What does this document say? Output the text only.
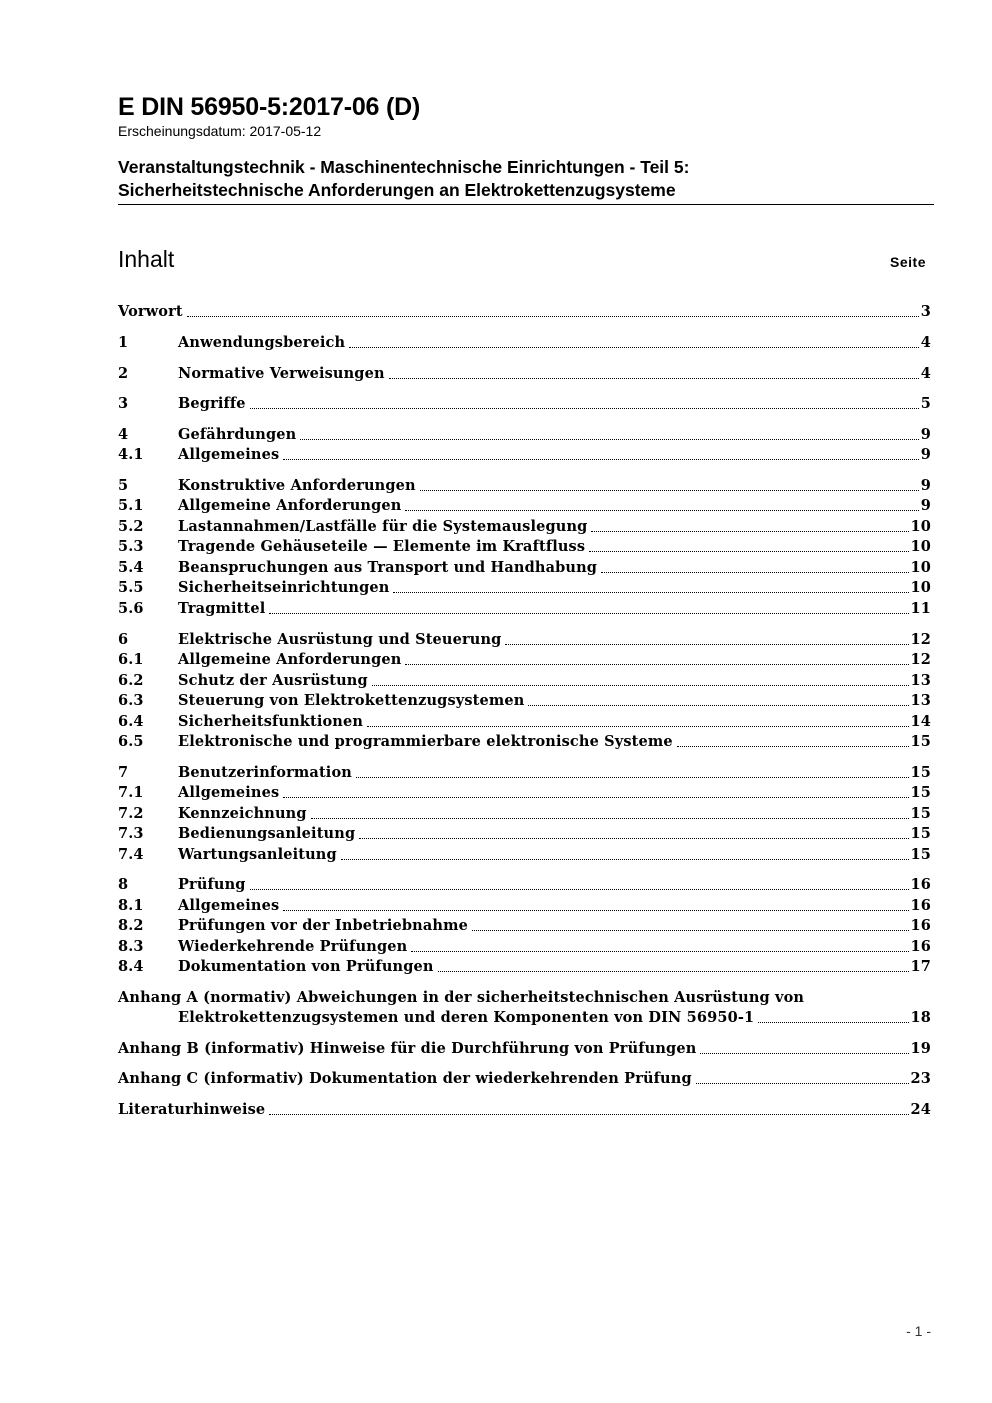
E DIN 56950-5:2017-06 (D)
Erscheinungsdatum: 2017-05-12
Veranstaltungstechnik - Maschinentechnische Einrichtungen - Teil 5:
Sicherheitstechnische Anforderungen an Elektrokettenzugsysteme
Inhalt	Seite
Vorwort	3
1	Anwendungsbereich	4
2	Normative Verweisungen	4
3	Begriffe	5
4	Gefährdungen	9
4.1	Allgemeines	9
5	Konstruktive Anforderungen	9
5.1	Allgemeine Anforderungen	9
5.2	Lastannahmen/Lastfälle für die Systemauslegung	10
5.3	Tragende Gehäuseteile — Elemente im Kraftfluss	10
5.4	Beanspruchungen aus Transport und Handhabung	10
5.5	Sicherheitseinrichtungen	10
5.6	Tragmittel	11
6	Elektrische Ausrüstung und Steuerung	12
6.1	Allgemeine Anforderungen	12
6.2	Schutz der Ausrüstung	13
6.3	Steuerung von Elektrokettenzugsystemen	13
6.4	Sicherheitsfunktionen	14
6.5	Elektronische und programmierbare elektronische Systeme	15
7	Benutzerinformation	15
7.1	Allgemeines	15
7.2	Kennzeichnung	15
7.3	Bedienungsanleitung	15
7.4	Wartungsanleitung	15
8	Prüfung	16
8.1	Allgemeines	16
8.2	Prüfungen vor der Inbetriebnahme	16
8.3	Wiederkehrende Prüfungen	16
8.4	Dokumentation von Prüfungen	17
Anhang A (normativ) Abweichungen in der sicherheitstechnischen Ausrüstung von
Elektrokettenzugsystemen und deren Komponenten von DIN 56950-1	18
Anhang B (informativ) Hinweise für die Durchführung von Prüfungen	19
Anhang C (informativ) Dokumentation der wiederkehrenden Prüfung	23
Literaturhinweise	24
- 1 -
